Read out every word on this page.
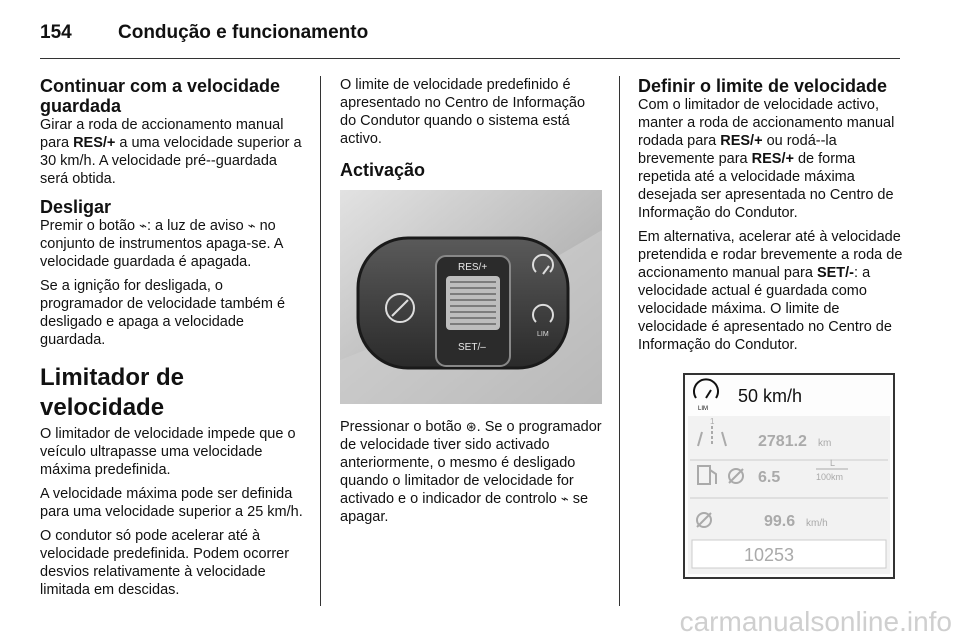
154 Condução e funcionamento
Continuar com a velocidade guardada

Girar a roda de accionamento manual para RES/+ a uma velocidade superior a 30 km/h. A velocidade pré--guardada será obtida.

Desligar

Premir o botão ⌁: a luz de aviso ⌁ no conjunto de instrumentos apaga-se. A velocidade guardada é apagada.

Se a ignição for desligada, o programador de velocidade também é desligado e apaga a velocidade guardada.

Limitador de velocidade

O limitador de velocidade impede que o veículo ultrapasse uma velocidade máxima predefinida.

A velocidade máxima pode ser definida para uma velocidade superior a 25 km/h.

O condutor só pode acelerar até à velocidade predefinida. Podem ocorrer desvios relativamente à velocidade limitada em descidas.

O limite de velocidade predefinido é apresentado no Centro de Informação do Condutor quando o sistema está activo.

Activação
RES/+
SET/–
LIM

Pressionar o botão ⊛. Se o programador de velocidade tiver sido activado anteriormente, o mesmo é desligado quando o limitador de velocidade for activado e o indicador de controlo ⌁ se apagar.

Definir o limite de velocidade

Com o limitador de velocidade activo, manter a roda de accionamento manual rodada para RES/+ ou rodá--la brevemente para RES/+ de forma repetida até a velocidade máxima desejada ser apresentada no Centro de Informação do Condutor.

Em alternativa, acelerar até à velocidade pretendida e rodar brevemente a roda de accionamento manual para SET/-: a velocidade actual é guardada como velocidade máxima. O limite de velocidade é apresentado no Centro de Informação do Condutor.

LIM
50 km/h
1
2781.2 km
6.5
L
100km
99.6 km/h
10253
carmanualsonline.info
